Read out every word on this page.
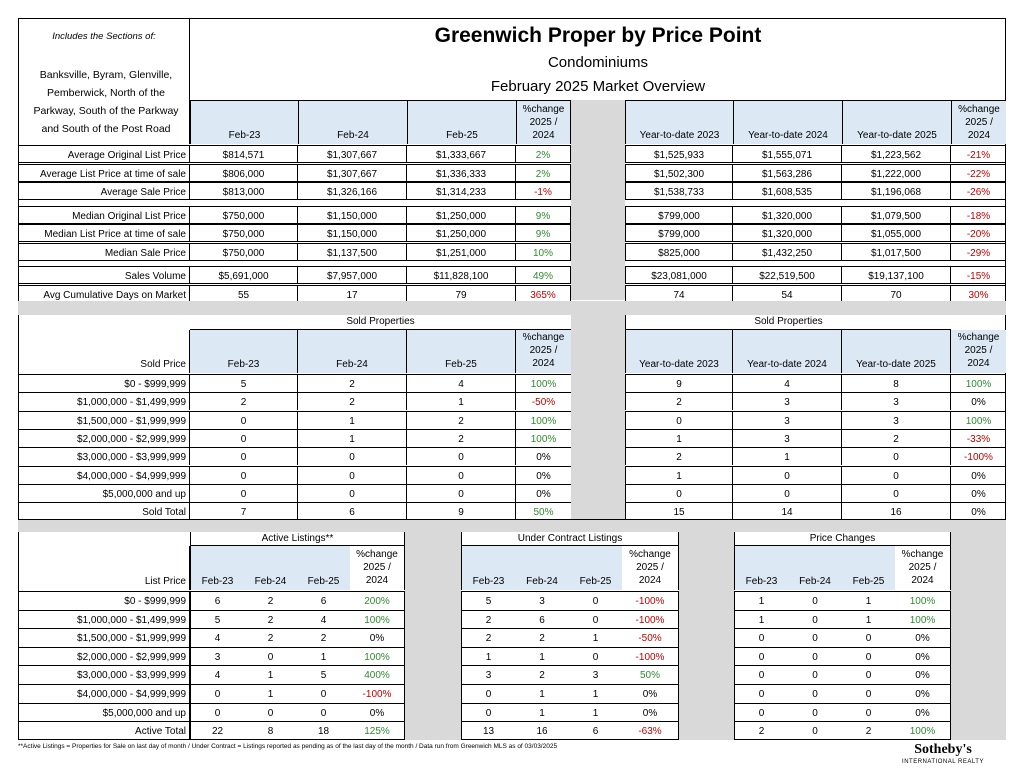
Includes the Sections of:
Banksville, Byram, Glenville, Pemberwick, North of the Parkway, South of the Parkway and South of the Post Road
Greenwich Proper by Price Point
Condominiums
February 2025 Market Overview
Feb-23	Feb-24	Feb-25
%change
2025 /
2024	Year-to-date 2023	Year-to-date 2024	Year-to-date 2025
%change
2025 /
2024
Average Original List Price	$814,571	$1,307,667	$1,333,667	2%	$1,525,933	$1,555,071	$1,223,562	-21%
Average List Price at time of sale	$806,000	$1,307,667	$1,336,333	2%	$1,502,300	$1,563,286	$1,222,000	-22%
Average Sale Price	$813,000	$1,326,166	$1,314,233	-1%	$1,538,733	$1,608,535	$1,196,068	-26%
Median Original List Price	$750,000	$1,150,000	$1,250,000	9%	$799,000	$1,320,000	$1,079,500	-18%
Median List Price at time of sale	$750,000	$1,150,000	$1,250,000	9%	$799,000	$1,320,000	$1,055,000	-20%
Median Sale Price	$750,000	$1,137,500	$1,251,000	10%	$825,000	$1,432,250	$1,017,500	-29%
Sales Volume	$5,691,000	$7,957,000	$11,828,100	49%	$23,081,000	$22,519,500	$19,137,100	-15%
Avg Cumulative Days on Market	55	17	79	365%	74	54	70	30%
Sold Properties	Sold Properties
Sold Price	Feb-23	Feb-24	Feb-25
%change
2025 /
2024	Year-to-date 2023	Year-to-date 2024	Year-to-date 2025
%change
2025 /
2024
$0 - $999,999	5	2	4	100%	9	4	8	100%
$1,000,000 - $1,499,999	2	2	1	-50%	2	3	3	0%
$1,500,000 - $1,999,999	0	1	2	100%	0	3	3	100%
$2,000,000 - $2,999,999	0	1	2	100%	1	3	2	-33%
$3,000,000 - $3,999,999	0	0	0	0%	2	1	0	-100%
$4,000,000 - $4,999,999	0	0	0	0%	1	0	0	0%
$5,000,000 and up	0	0	0	0%	0	0	0	0%
Sold Total	7	6	9	50%	15	14	16	0%
Active Listings**
Feb-23	Feb-24	Feb-25
%change
2025 /
2024
Under Contract Listings
Feb-23	Feb-24	Feb-25
%change
2025 /
2024
Price Changes
Feb-23	Feb-24	Feb-25
%change
2025 /
2024
List Price
$0 - $999,999	6	2	6	200%	5	3	0	-100%	1	0	1	100%
$1,000,000 - $1,499,999	5	2	4	100%	2	6	0	-100%	1	0	1	100%
$1,500,000 - $1,999,999	4	2	2	0%	2	2	1	-50%	0	0	0	0%
$2,000,000 - $2,999,999	3	0	1	100%	1	1	0	-100%	0	0	0	0%
$3,000,000 - $3,999,999	4	1	5	400%	3	2	3	50%	0	0	0	0%
$4,000,000 - $4,999,999	0	1	0	-100%	0	1	1	0%	0	0	0	0%
$5,000,000 and up	0	0	0	0%	0	1	1	0%	0	0	0	0%
Active Total	22	8	18	125%	13	16	6	-63%	2	0	2	100%
**Active Listings = Properties for Sale on last day of month / Under Contract = Listings reported as pending as of the last day of the month / Data run from Greenwich MLS as of 03/03/2025	Sotheby's
INTERNATIONAL REALTY
